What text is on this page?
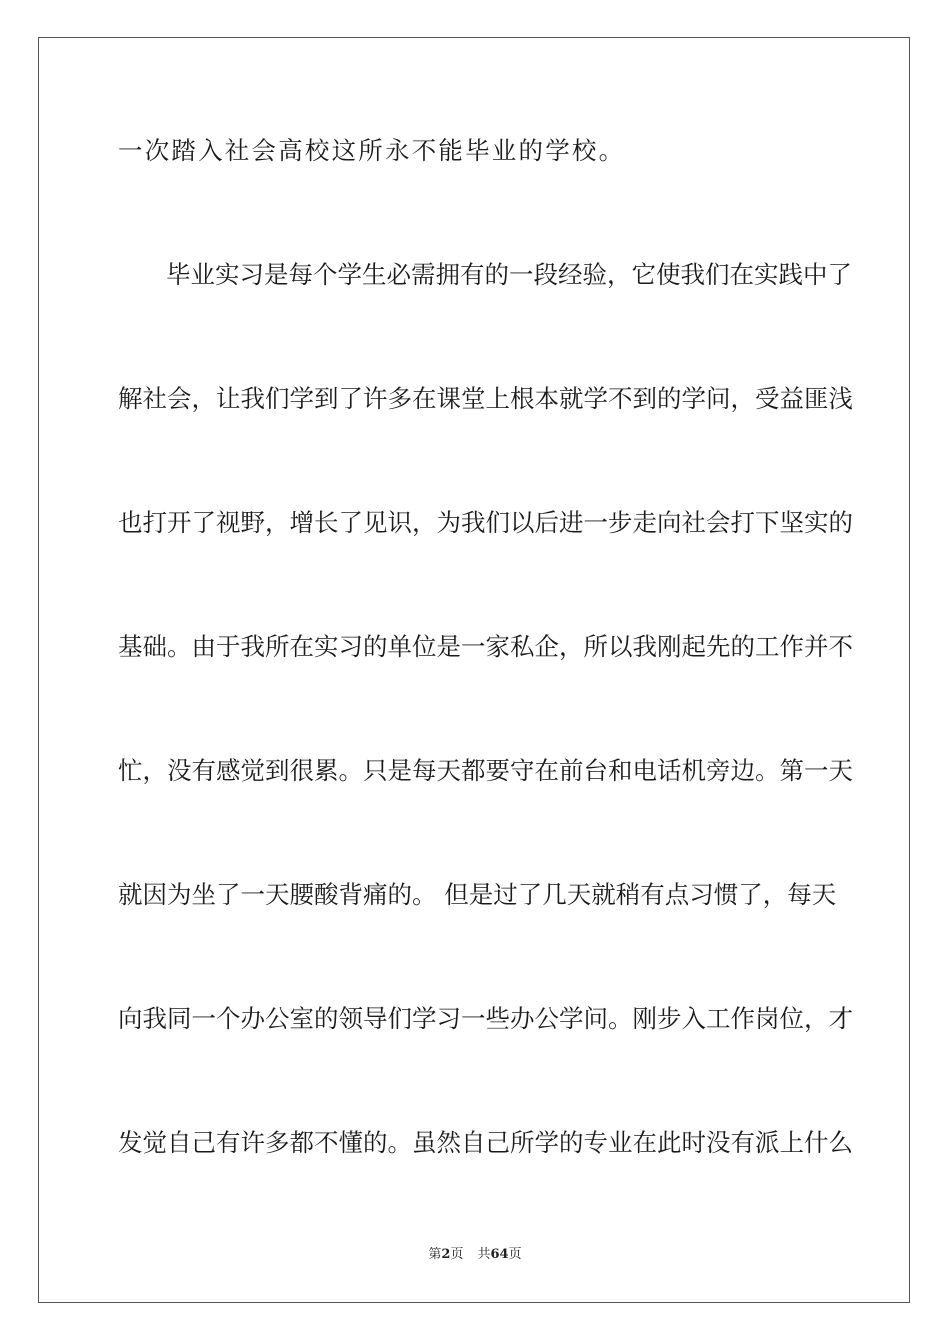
一次踏入社会高校这所永不能毕业的学校。
毕业实习是每个学生必需拥有的一段经验，它使我们在实践中了
解社会，让我们学到了许多在课堂上根本就学不到的学问，受益匪浅
也打开了视野，增长了见识，为我们以后进一步走向社会打下坚实的
基础。由于我所在实习的单位是一家私企，所以我刚起先的工作并不
忙，没有感觉到很累。只是每天都要守在前台和电话机旁边。第一天
就因为坐了一天腰酸背痛的。 但是过了几天就稍有点习惯了，每天
向我同一个办公室的领导们学习一些办公学问。刚步入工作岗位，才
发觉自己有许多都不懂的。虽然自己所学的专业在此时没有派上什么
第2页 共64页
